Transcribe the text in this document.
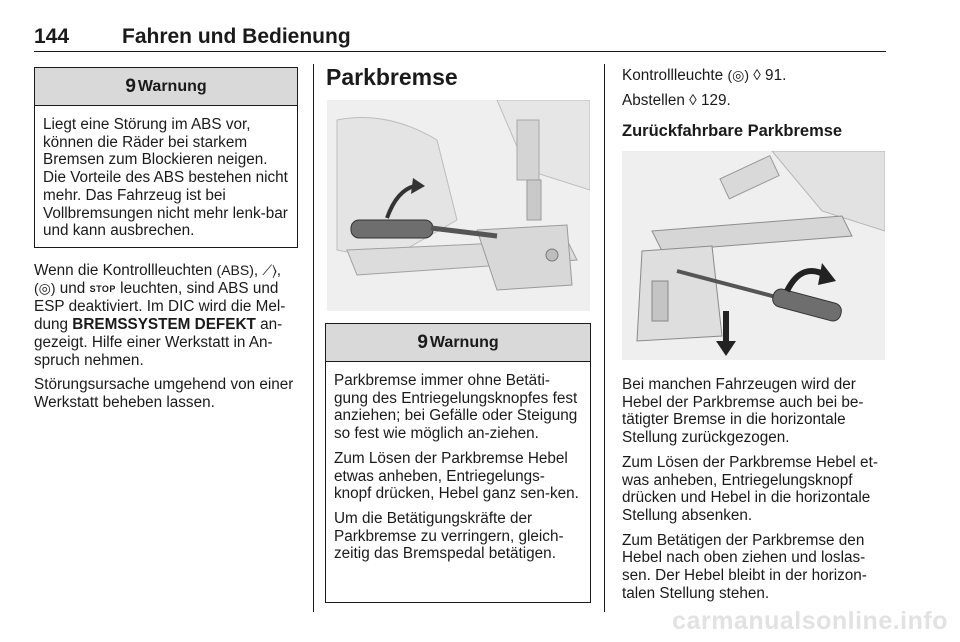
144	Fahren und Bedienung
9 Warnung

Liegt eine Störung im ABS vor, können die Räder bei starkem Bremsen zum Blockieren neigen. Die Vorteile des ABS bestehen nicht mehr. Das Fahrzeug ist bei Vollbremsungen nicht mehr lenk-bar und kann ausbrechen.

Wenn die Kontrollleuchten (ABS), ⟋⟩, (◎) und STOP leuchten, sind ABS und ESP deaktiviert. Im DIC wird die Mel-dung BREMSSYSTEM DEFEKT an-gezeigt. Hilfe einer Werkstatt in An-spruch nehmen.

Störungsursache umgehend von einer Werkstatt beheben lassen.

Parkbremse
9 Warnung

Parkbremse immer ohne Betäti-gung des Entriegelungsknopfes fest anziehen; bei Gefälle oder Steigung so fest wie möglich an-ziehen.

Zum Lösen der Parkbremse Hebel etwas anheben, Entriegelungs-knopf drücken, Hebel ganz sen-ken.

Um die Betätigungskräfte der Parkbremse zu verringern, gleich-zeitig das Bremspedal betätigen.

Kontrollleuchte (◎) ◊ 91.

Abstellen ◊ 129.

Zurückfahrbare Parkbremse

Bei manchen Fahrzeugen wird der Hebel der Parkbremse auch bei be-tätigter Bremse in die horizontale Stellung zurückgezogen.

Zum Lösen der Parkbremse Hebel et-was anheben, Entriegelungsknopf drücken und Hebel in die horizontale Stellung absenken.

Zum Betätigen der Parkbremse den Hebel nach oben ziehen und loslas-sen. Der Hebel bleibt in der horizon-talen Stellung stehen.

carmanualsonline.info
